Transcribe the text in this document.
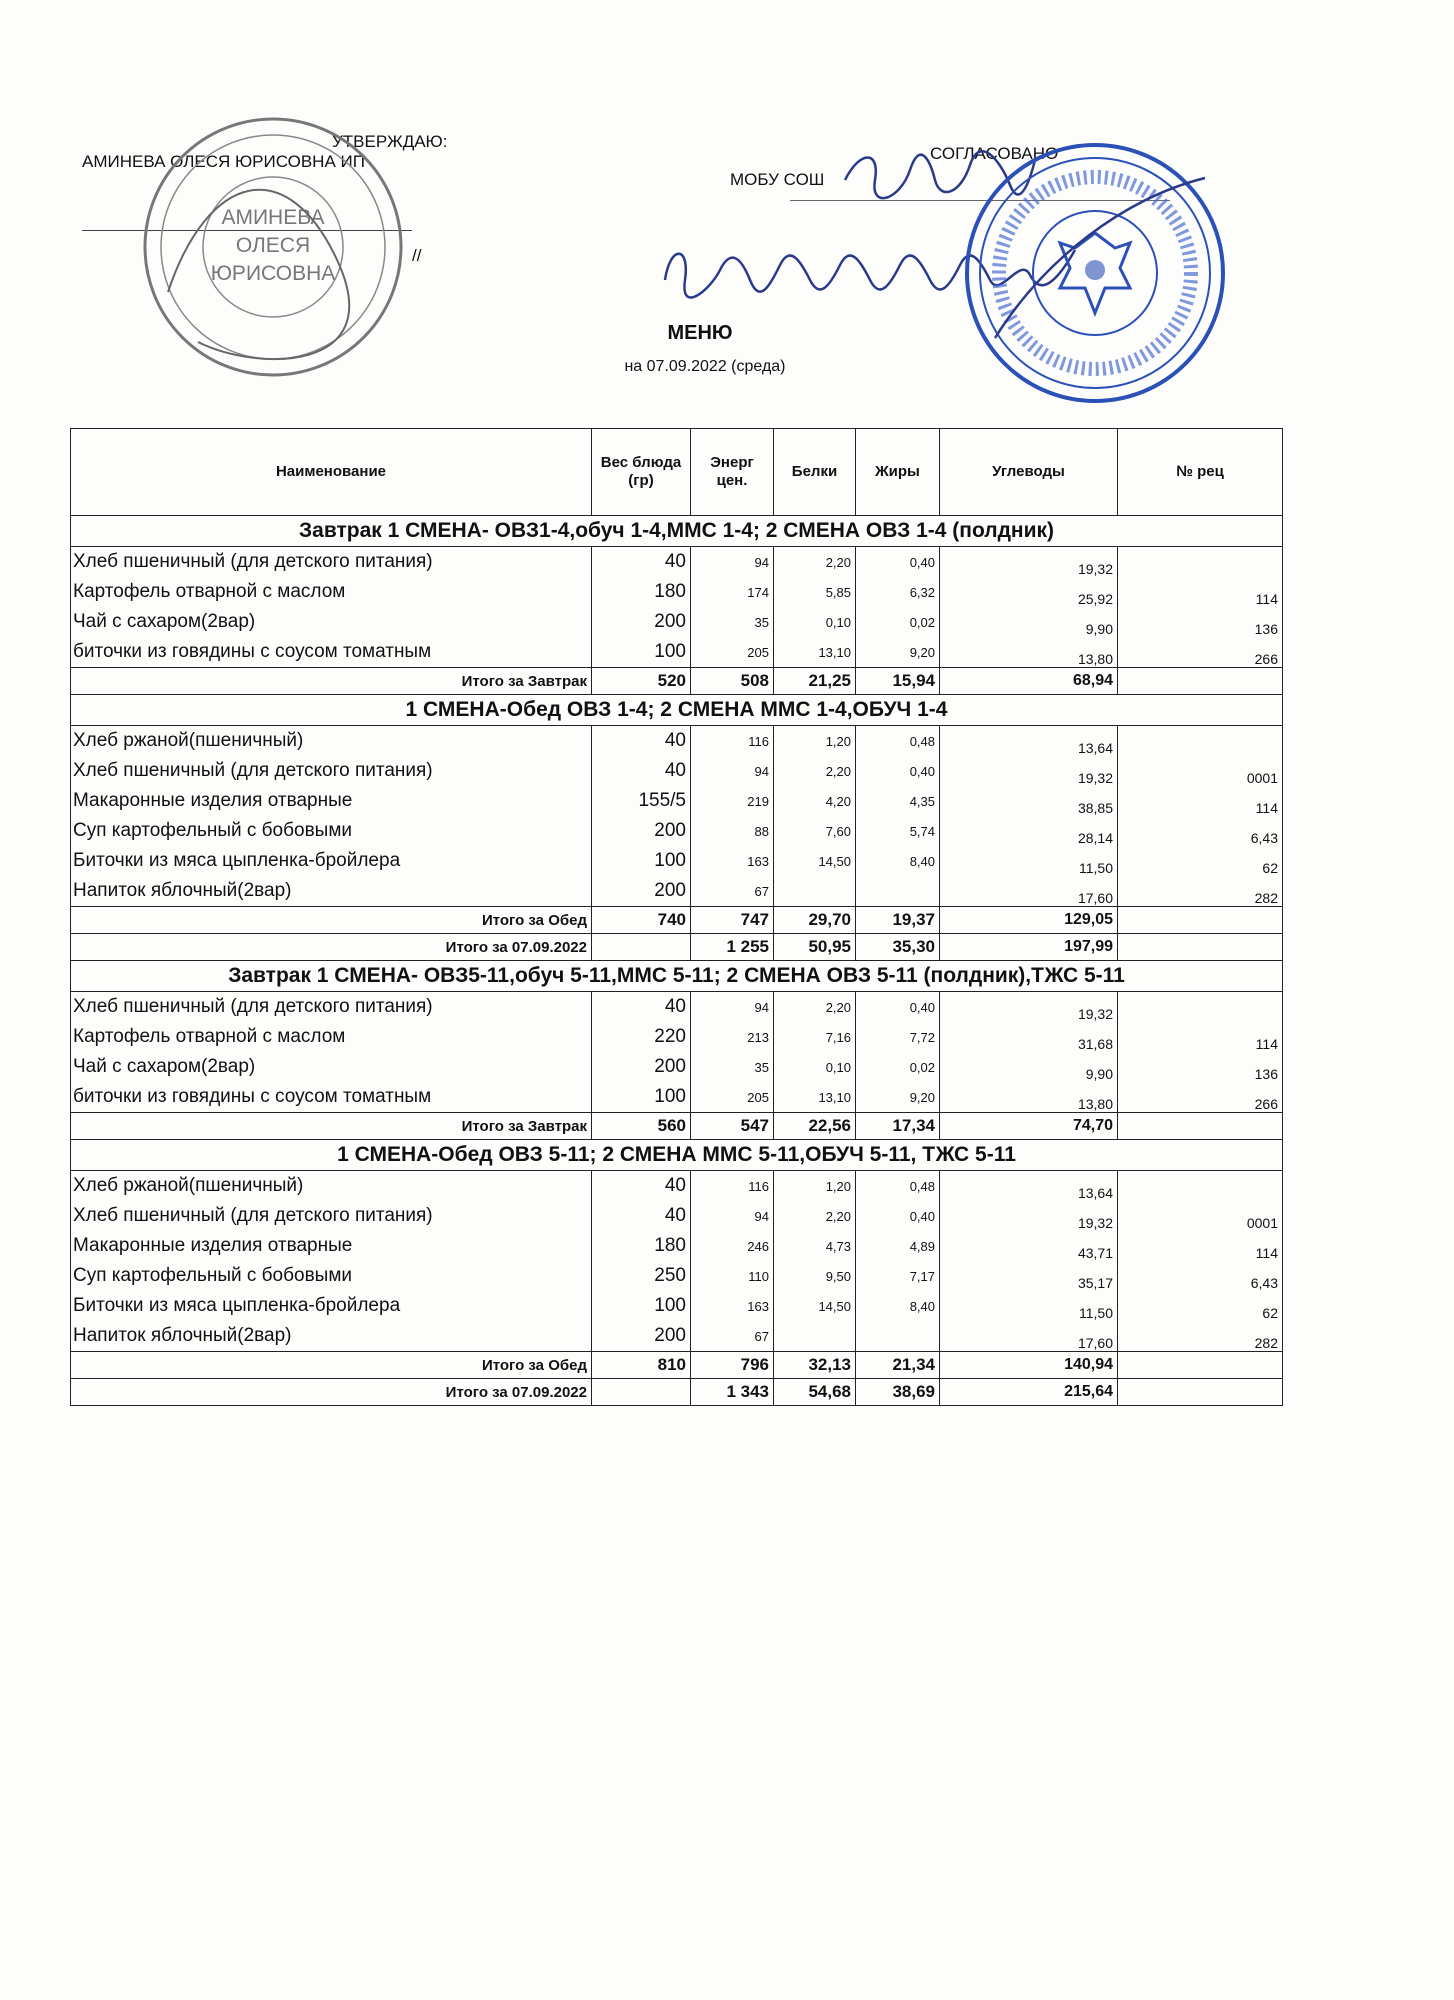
УТВЕРЖДАЮ:
АМИНЕВА ОЛЕСЯ ЮРИСОВНА ИП
//
АМИНЕВА
ОЛЕСЯ
ЮРИСОВНА
СОГЛАСОВАНО
МОБУ СОШ
МЕНЮ
на 07.09.2022 (среда)
Наименование	Вес блюда (гр)	Энерг цен.	Белки	Жиры	Углеводы	№ рец
Завтрак 1 СМЕНА- ОВЗ1-4,обуч 1-4,ММС 1-4; 2 СМЕНА ОВЗ 1-4 (полдник)						
Хлеб пшеничный (для детского питания)	40	94	2,20	0,40	19,32	
Картофель отварной с маслом	180	174	5,85	6,32	25,92	114
Чай с сахаром(2вар)	200	35	0,10	0,02	9,90	136
биточки из говядины с соусом томатным	100	205	13,10	9,20	13,80	266
Итого за Завтрак	520	508	21,25	15,94	68,94	
1 СМЕНА-Обед ОВЗ 1-4; 2 СМЕНА ММС 1-4,ОБУЧ 1-4						
Хлеб ржаной(пшеничный)	40	116	1,20	0,48	13,64	
Хлеб пшеничный (для детского питания)	40	94	2,20	0,40	19,32	0001
Макаронные изделия отварные	155/5	219	4,20	4,35	38,85	114
Суп картофельный с бобовыми	200	88	7,60	5,74	28,14	6,43
Биточки из мяса цыпленка-бройлера	100	163	14,50	8,40	11,50	62
Напиток яблочный(2вар)	200	67			17,60	282
Итого за Обед	740	747	29,70	19,37	129,05	
Итого за 07.09.2022		1 255	50,95	35,30	197,99	
Завтрак 1 СМЕНА- ОВЗ5-11,обуч 5-11,ММС 5-11; 2 СМЕНА ОВЗ 5-11 (полдник),ТЖС 5-11						
Хлеб пшеничный (для детского питания)	40	94	2,20	0,40	19,32	
Картофель отварной с маслом	220	213	7,16	7,72	31,68	114
Чай с сахаром(2вар)	200	35	0,10	0,02	9,90	136
биточки из говядины с соусом томатным	100	205	13,10	9,20	13,80	266
Итого за Завтрак	560	547	22,56	17,34	74,70	
1 СМЕНА-Обед ОВЗ 5-11; 2 СМЕНА ММС 5-11,ОБУЧ 5-11, ТЖС 5-11						
Хлеб ржаной(пшеничный)	40	116	1,20	0,48	13,64	
Хлеб пшеничный (для детского питания)	40	94	2,20	0,40	19,32	0001
Макаронные изделия отварные	180	246	4,73	4,89	43,71	114
Суп картофельный с бобовыми	250	110	9,50	7,17	35,17	6,43
Биточки из мяса цыпленка-бройлера	100	163	14,50	8,40	11,50	62
Напиток яблочный(2вар)	200	67			17,60	282
Итого за Обед	810	796	32,13	21,34	140,94	
Итого за 07.09.2022		1 343	54,68	38,69	215,64	
